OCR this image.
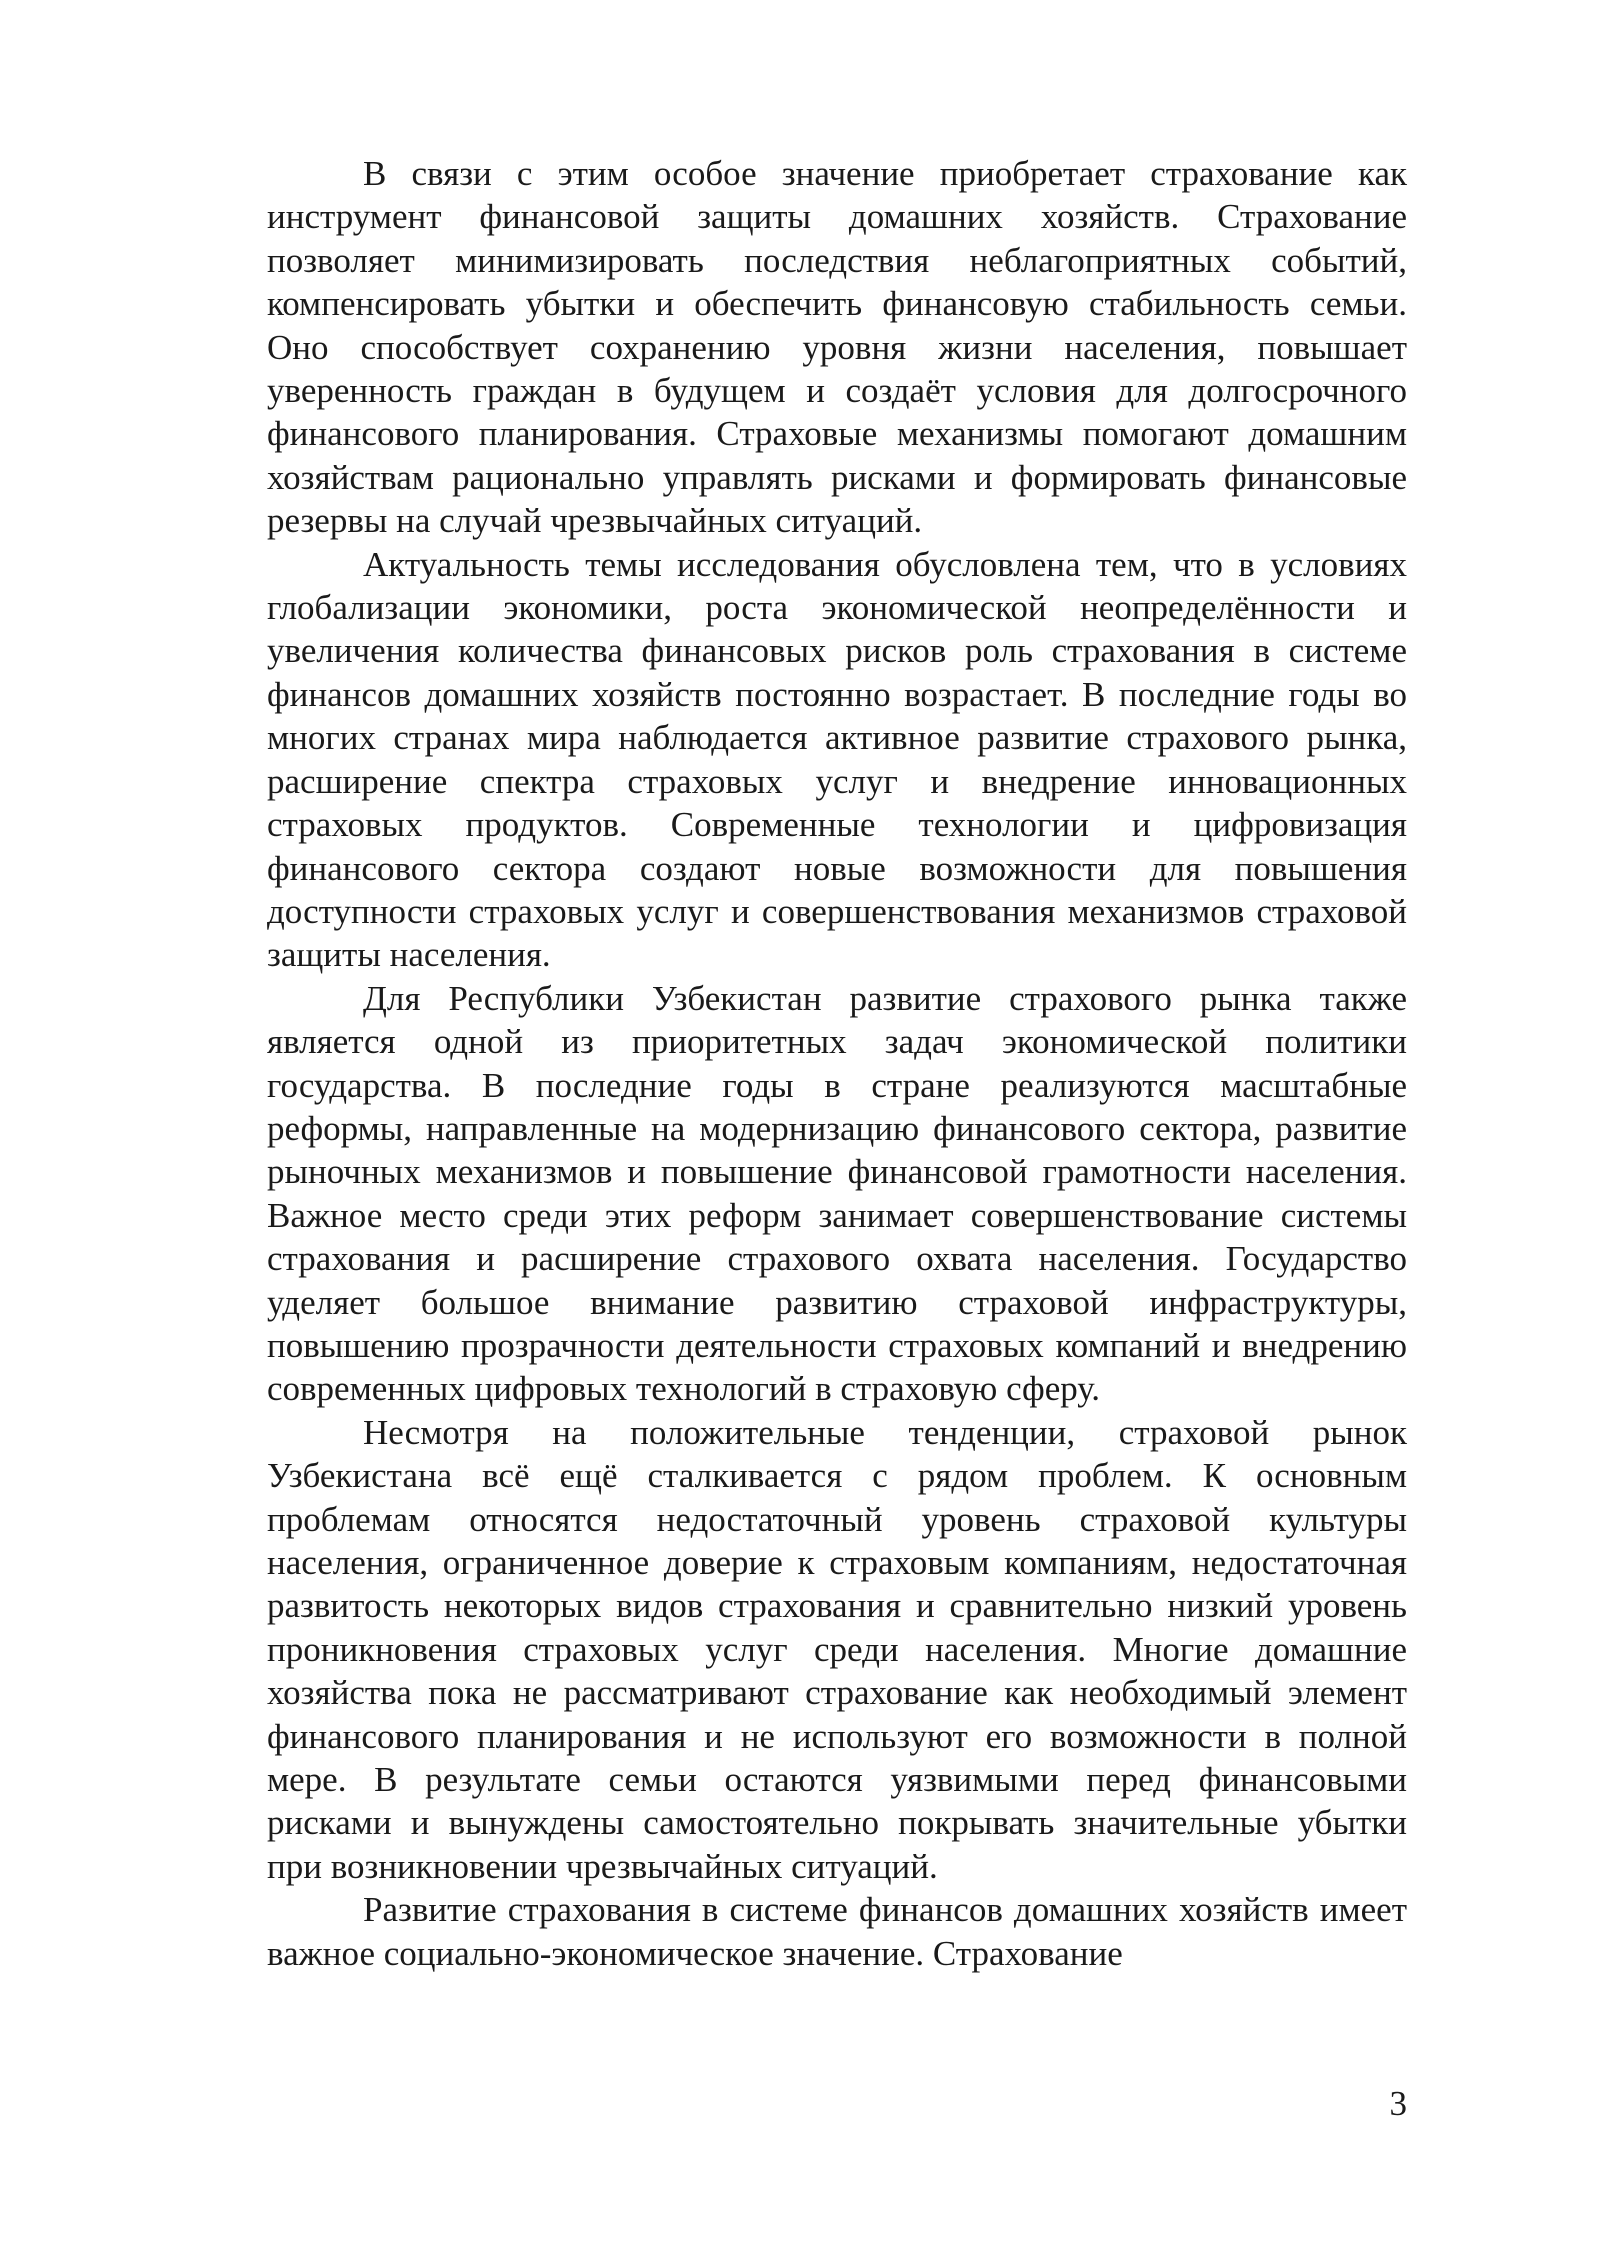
В связи с этим особое значение приобретает страхование как инструмент финансовой защиты домашних хозяйств. Страхование позволяет минимизировать последствия неблагоприятных событий, компенсировать убытки и обеспечить финансовую стабильность семьи. Оно способствует сохранению уровня жизни населения, повышает уверенность граждан в будущем и создаёт условия для долгосрочного финансового планирования. Страховые механизмы помогают домашним хозяйствам рационально управлять рисками и формировать финансовые резервы на случай чрезвычайных ситуаций.

Актуальность темы исследования обусловлена тем, что в условиях глобализации экономики, роста экономической неопределённости и увеличения количества финансовых рисков роль страхования в системе финансов домашних хозяйств постоянно возрастает. В последние годы во многих странах мира наблюдается активное развитие страхового рынка, расширение спектра страховых услуг и внедрение инновационных страховых продуктов. Современные технологии и цифровизация финансового сектора создают новые возможности для повышения доступности страховых услуг и совершенствования механизмов страховой защиты населения.

Для Республики Узбекистан развитие страхового рынка также является одной из приоритетных задач экономической политики государства. В последние годы в стране реализуются масштабные реформы, направленные на модернизацию финансового сектора, развитие рыночных механизмов и повышение финансовой грамотности населения. Важное место среди этих реформ занимает совершенствование системы страхования и расширение страхового охвата населения. Государство уделяет большое внимание развитию страховой инфраструктуры, повышению прозрачности деятельности страховых компаний и внедрению современных цифровых технологий в страховую сферу.

Несмотря на положительные тенденции, страховой рынок Узбекистана всё ещё сталкивается с рядом проблем. К основным проблемам относятся недостаточный уровень страховой культуры населения, ограниченное доверие к страховым компаниям, недостаточная развитость некоторых видов страхования и сравнительно низкий уровень проникновения страховых услуг среди населения. Многие домашние хозяйства пока не рассматривают страхование как необходимый элемент финансового планирования и не используют его возможности в полной мере. В результате семьи остаются уязвимыми перед финансовыми рисками и вынуждены самостоятельно покрывать значительные убытки при возникновении чрезвычайных ситуаций.

Развитие страхования в системе финансов домашних хозяйств имеет важное социально-экономическое значение. Страхование

3
